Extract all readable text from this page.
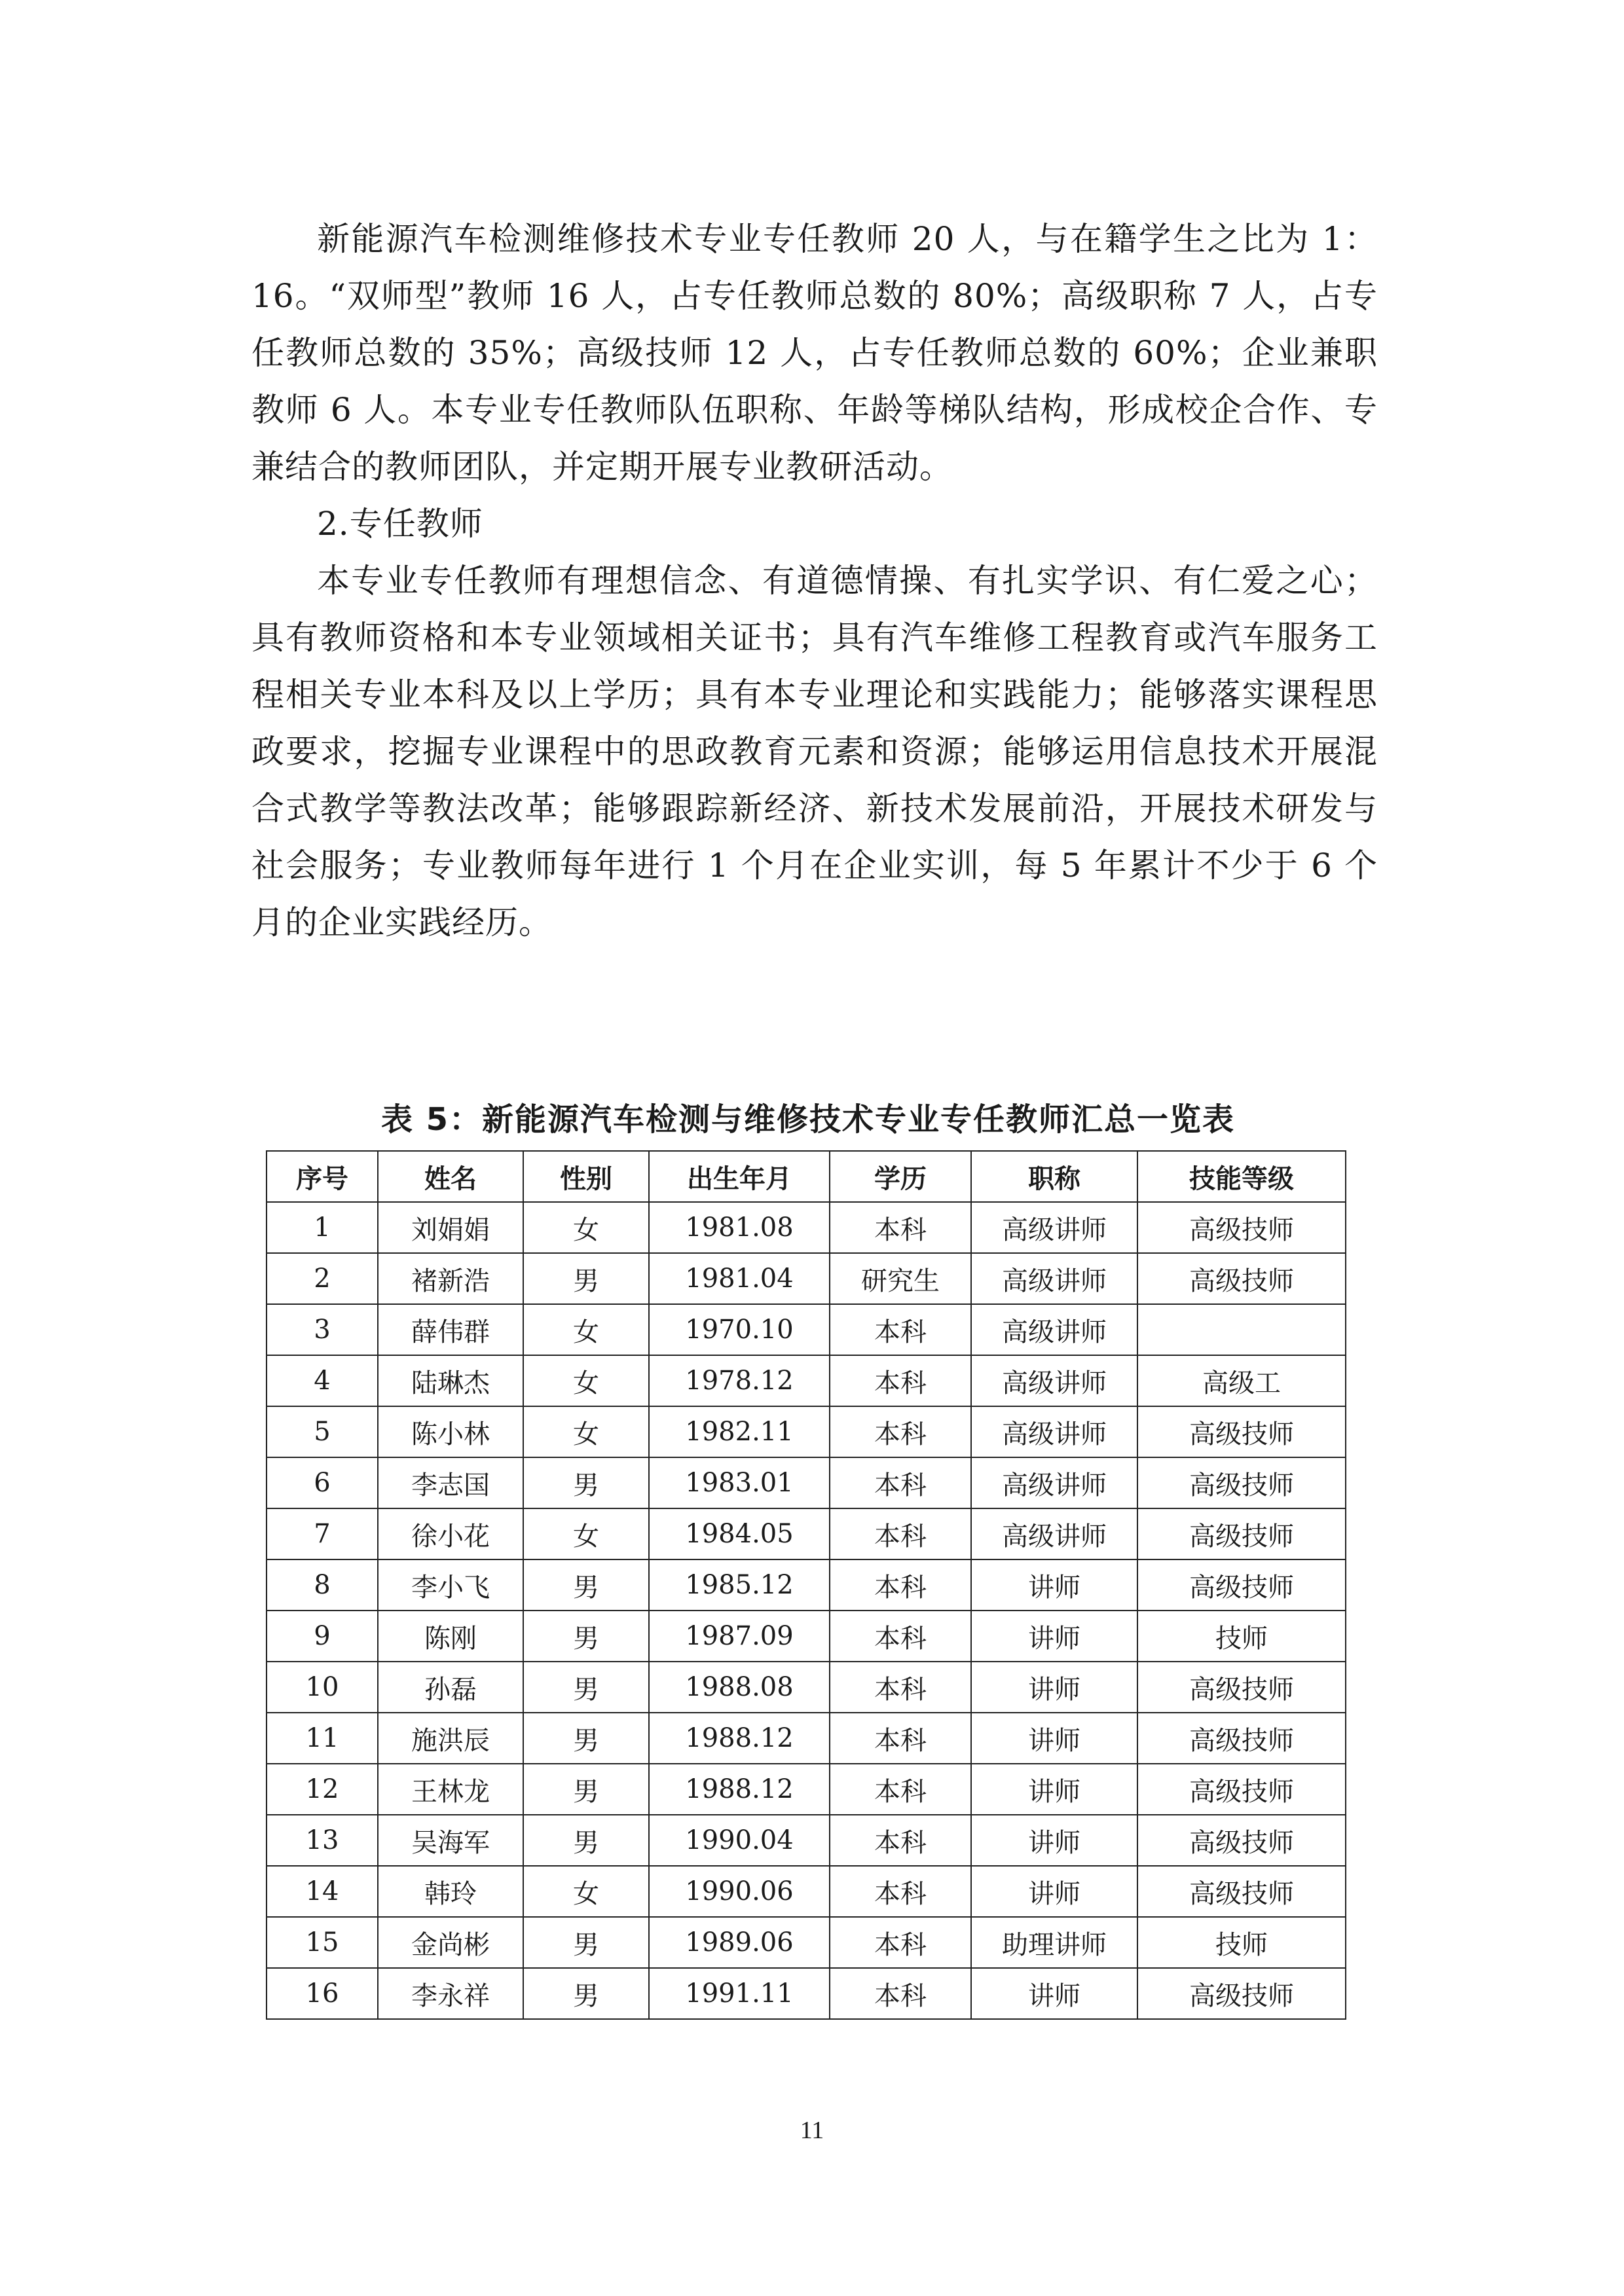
新能源汽车检测维修技术专业专任教师 20 人，与在籍学生之比为 1：16。“双师型”教师 16 人，占专任教师总数的 80%；高级职称 7 人，占专任教师总数的 35%；高级技师 12 人，占专任教师总数的 60%；企业兼职教师 6 人。本专业专任教师队伍职称、年龄等梯队结构，形成校企合作、专兼结合的教师团队，并定期开展专业教研活动。

2.专任教师

本专业专任教师有理想信念、有道德情操、有扎实学识、有仁爱之心；具有教师资格和本专业领域相关证书；具有汽车维修工程教育或汽车服务工程相关专业本科及以上学历；具有本专业理论和实践能力；能够落实课程思政要求，挖掘专业课程中的思政教育元素和资源；能够运用信息技术开展混合式教学等教法改革；能够跟踪新经济、新技术发展前沿，开展技术研发与社会服务；专业教师每年进行 1 个月在企业实训，每 5 年累计不少于 6 个月的企业实践经历。

表 5：新能源汽车检测与维修技术专业专任教师汇总一览表
序号	姓名	性别	出生年月	学历	职称	技能等级
1	刘娟娟	女	1981.08	本科	高级讲师	高级技师
2	褚新浩	男	1981.04	研究生	高级讲师	高级技师
3	薛伟群	女	1970.10	本科	高级讲师	
4	陆琳杰	女	1978.12	本科	高级讲师	高级工
5	陈小林	女	1982.11	本科	高级讲师	高级技师
6	李志国	男	1983.01	本科	高级讲师	高级技师
7	徐小花	女	1984.05	本科	高级讲师	高级技师
8	李小飞	男	1985.12	本科	讲师	高级技师
9	陈刚	男	1987.09	本科	讲师	技师
10	孙磊	男	1988.08	本科	讲师	高级技师
11	施洪辰	男	1988.12	本科	讲师	高级技师
12	王林龙	男	1988.12	本科	讲师	高级技师
13	吴海军	男	1990.04	本科	讲师	高级技师
14	韩玲	女	1990.06	本科	讲师	高级技师
15	金尚彬	男	1989.06	本科	助理讲师	技师
16	李永祥	男	1991.11	本科	讲师	高级技师
11
